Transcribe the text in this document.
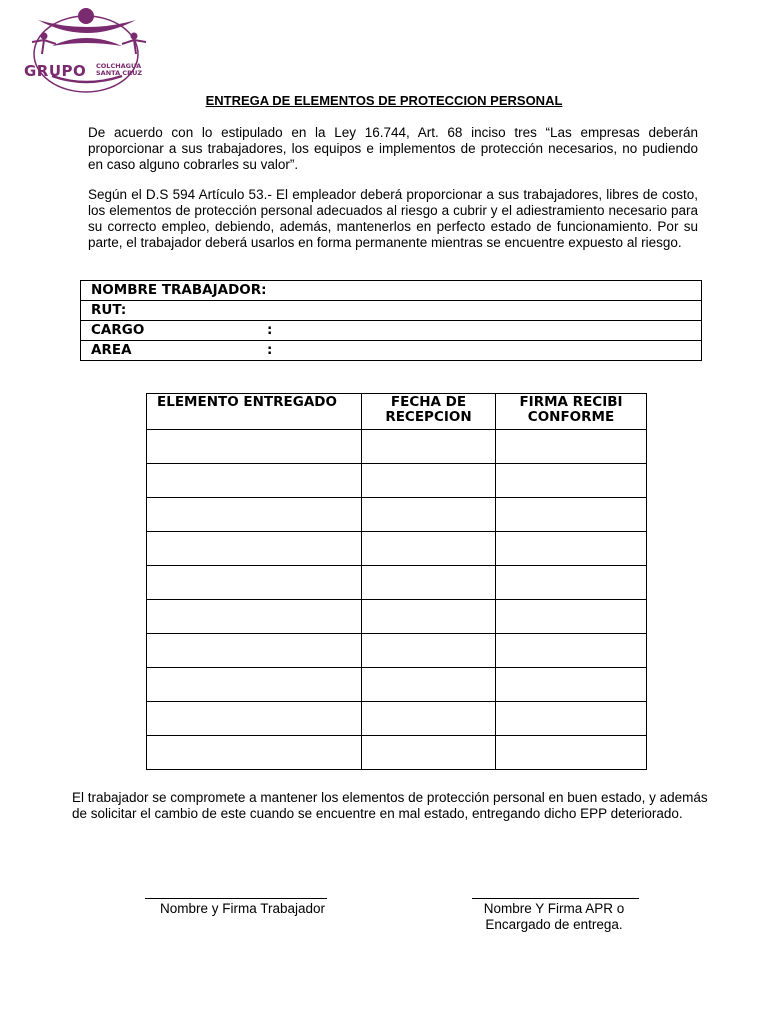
GRUPO COLCHAGUA
SANTA CRUZ
ENTREGA DE ELEMENTOS DE PROTECCION PERSONAL
De acuerdo con lo estipulado en la Ley 16.744, Art. 68 inciso tres “Las empresas deberán proporcionar a sus trabajadores, los equipos e implementos de protección necesarios, no pudiendo en caso alguno cobrarles su valor”.
Según el D.S 594 Artículo 53.- El empleador deberá proporcionar a sus trabajadores, libres de costo, los elementos de protección personal adecuados al riesgo a cubrir y el adiestramiento necesario para su correcto empleo, debiendo, además, mantenerlos en perfecto estado de funcionamiento. Por su parte, el trabajador deberá usarlos en forma permanente mientras se encuentre expuesto al riesgo.
NOMBRE TRABAJADOR:
RUT:
CARGO	:
AREA	:
ELEMENTO ENTREGADO	FECHA DE RECEPCION	FIRMA RECIBI CONFORME

El trabajador se compromete a mantener los elementos de protección personal en buen estado, y además de solicitar el cambio de este cuando se encuentre en mal estado, entregando dicho EPP deteriorado.
Nombre y Firma Trabajador	Nombre Y Firma APR o
Encargado de entrega.
